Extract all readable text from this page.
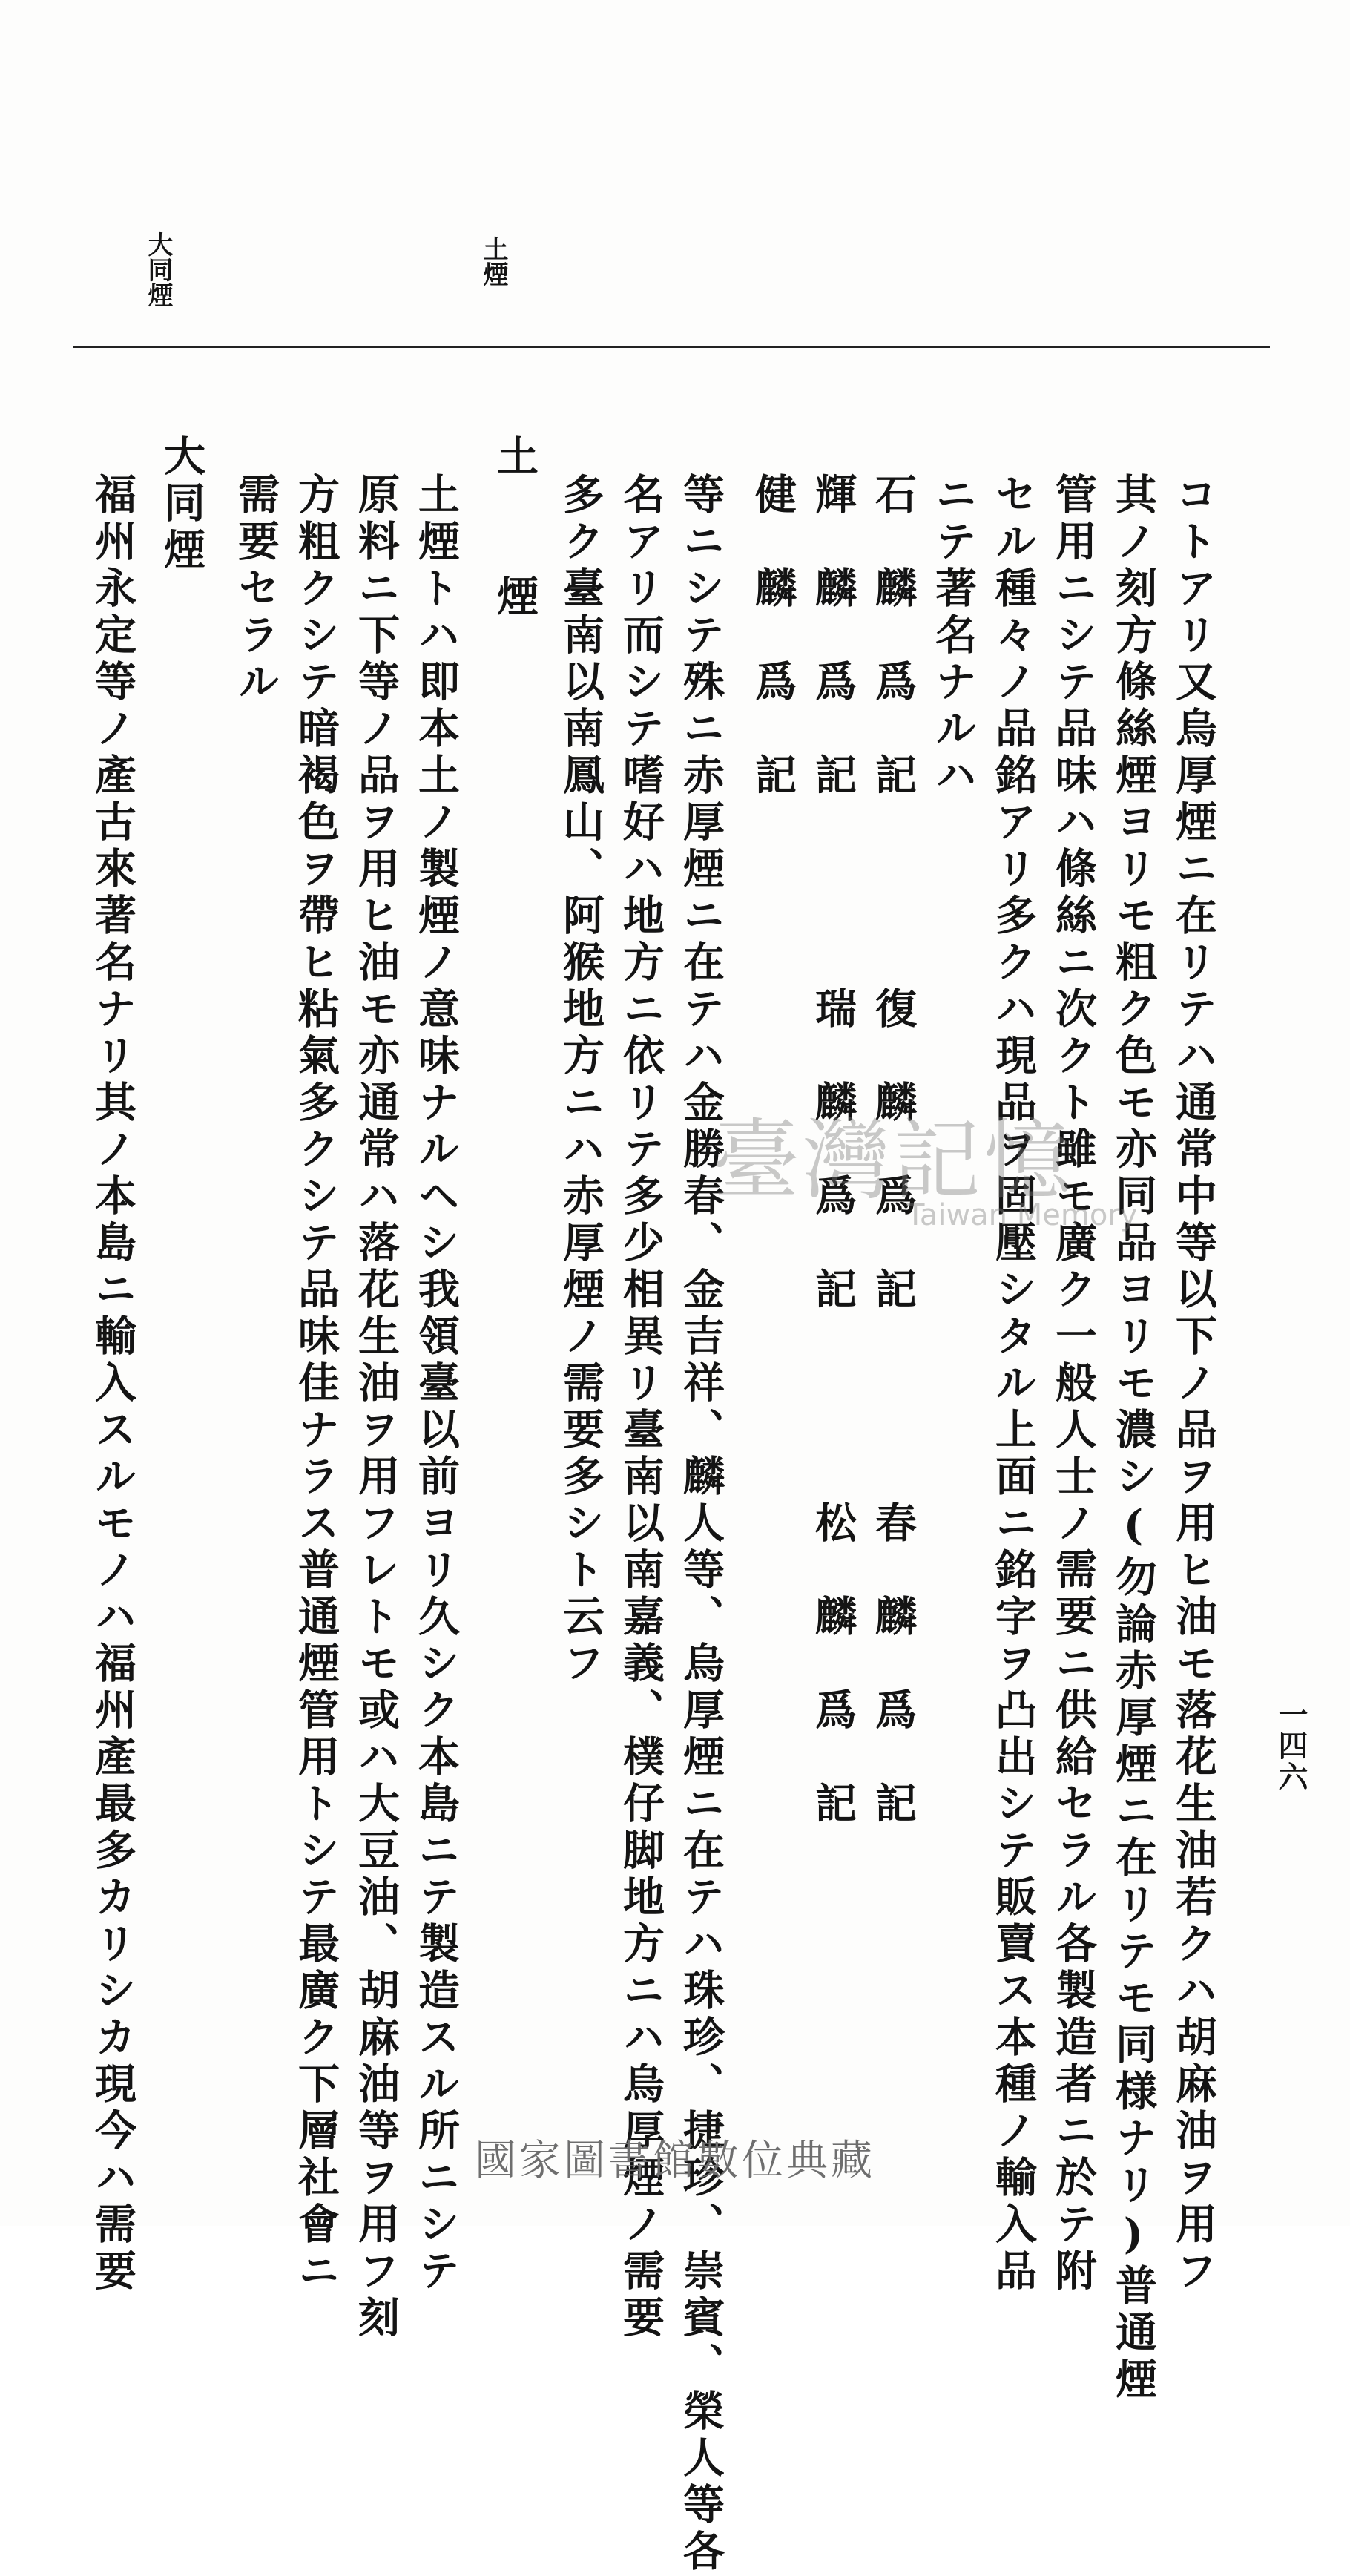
一四六
土煙
大同煙
コトアリ又烏厚煙ニ在リテハ通常中等以下ノ品ヲ用ヒ油モ落花生油若クハ胡麻油ヲ用フ
其ノ刻方條絲煙ヨリモ粗ク色モ亦同品ヨリモ濃シ(勿論赤厚煙ニ在リテモ同様ナリ)普通煙
管用ニシテ品味ハ條絲ニ次クト雖モ廣ク一般人士ノ需要ニ供給セラル各製造者ニ於テ附
セル種々ノ品銘アリ多クハ現品ヲ固壓シタル上面ニ銘字ヲ凸出シテ販賣ス本種ノ輸入品
ニテ著名ナルハ
石　麟　爲　記　　　　復　麟　爲　記　　　　春　麟　爲　記
輝　麟　爲　記　　　　瑞　麟　爲　記　　　　松　麟　爲　記
健　麟　爲　記
等ニシテ殊ニ赤厚煙ニ在テハ金勝春、金吉祥、麟人等、烏厚煙ニ在テハ珠珍、捷珍、崇賓、榮人等各
名アリ而シテ嗜好ハ地方ニ依リテ多少相異リ臺南以南嘉義、樸仔脚地方ニハ烏厚煙ノ需要
多ク臺南以南鳳山、阿猴地方ニハ赤厚煙ノ需要多シト云フ
土　　煙
土煙トハ即本土ノ製煙ノ意味ナルヘシ我領臺以前ヨリ久シク本島ニテ製造スル所ニシテ
原料ニ下等ノ品ヲ用ヒ油モ亦通常ハ落花生油ヲ用フレトモ或ハ大豆油、胡麻油等ヲ用フ刻
方粗クシテ暗褐色ヲ帶ヒ粘氣多クシテ品味佳ナラス普通煙管用トシテ最廣ク下層社會ニ
需要セラル
大同煙
福州永定等ノ產古來著名ナリ其ノ本島ニ輸入スルモノハ福州產最多カリシカ現今ハ需要	臺灣記憶
Taiwan Memory
國家圖書館數位典藏
